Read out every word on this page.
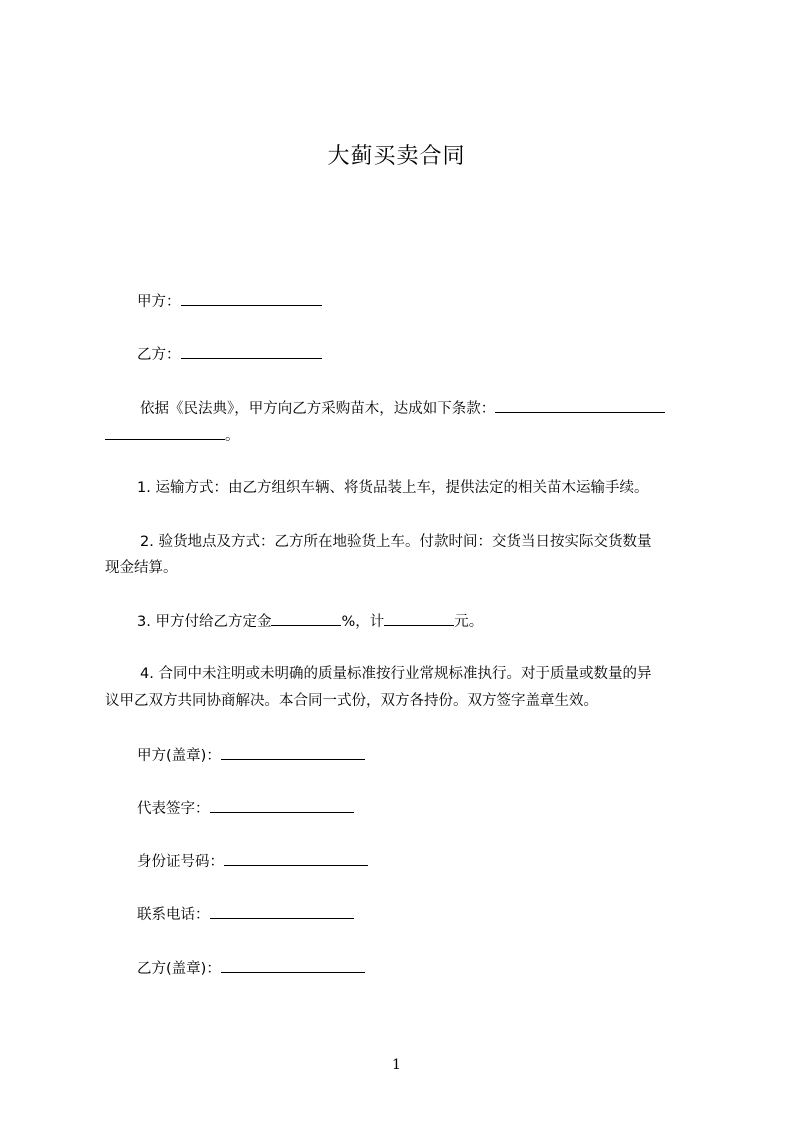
大蓟买卖合同
甲方：
乙方：
依据《民法典》，甲方向乙方采购苗木，达成如下条款：
。
1. 运输方式：由乙方组织车辆、将货品装上车，提供法定的相关苗木运输手续。
2. 验货地点及方式：乙方所在地验货上车。付款时间：交货当日按实际交货数量
现金结算。
3. 甲方付给乙方定金	%，计	元。
4. 合同中未注明或未明确的质量标准按行业常规标准执行。对于质量或数量的异
议甲乙双方共同协商解决。本合同一式份，双方各持份。双方签字盖章生效。
甲方(盖章)：
代表签字：
身份证号码：
联系电话：
乙方(盖章)：
1
